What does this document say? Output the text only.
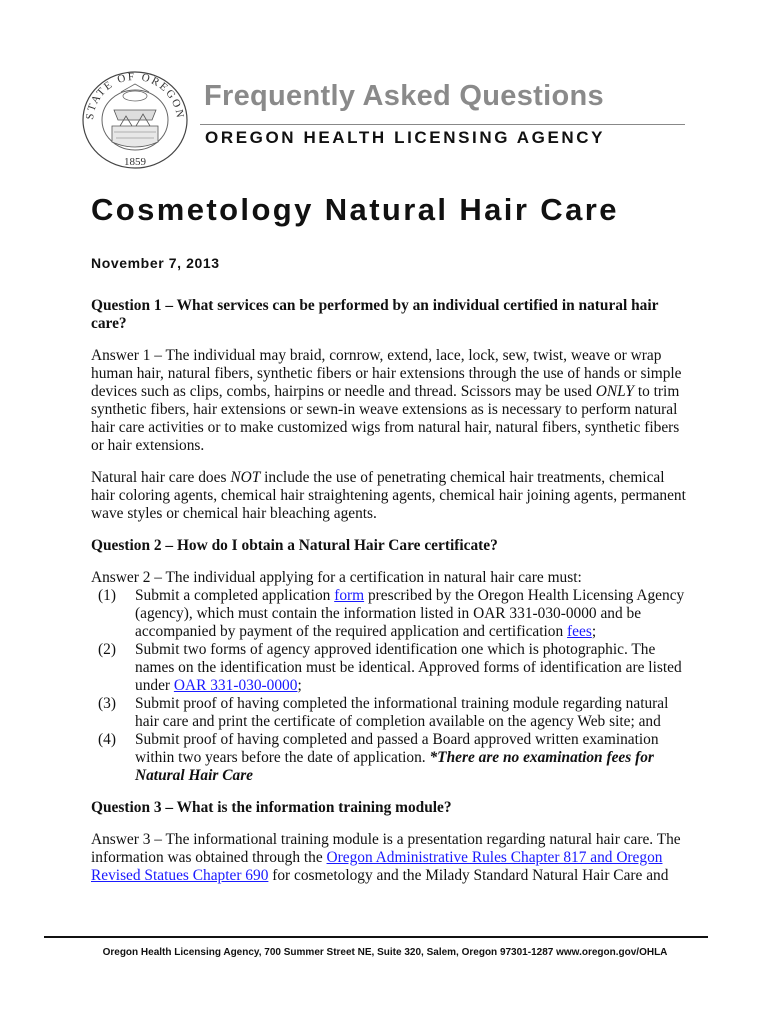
STATE OF OREGON
1859
Frequently Asked Questions
OREGON HEALTH LICENSING AGENCY
Cosmetology Natural Hair Care
November 7, 2013

Question 1 – What services can be performed by an individual certified in natural hair care?

Answer 1 – The individual may braid, cornrow, extend, lace, lock, sew, twist, weave or wrap human hair, natural fibers, synthetic fibers or hair extensions through the use of hands or simple devices such as clips, combs, hairpins or needle and thread. Scissors may be used ONLY to trim synthetic fibers, hair extensions or sewn-in weave extensions as is necessary to perform natural hair care activities or to make customized wigs from natural hair, natural fibers, synthetic fibers or hair extensions.

Natural hair care does NOT include the use of penetrating chemical hair treatments, chemical hair coloring agents, chemical hair straightening agents, chemical hair joining agents, permanent wave styles or chemical hair bleaching agents.

Question 2 – How do I obtain a Natural Hair Care certificate?

Answer 2 – The individual applying for a certification in natural hair care must:

(1) Submit a completed application form prescribed by the Oregon Health Licensing Agency (agency), which must contain the information listed in OAR 331-030-0000 and be accompanied by payment of the required application and certification fees;
(2) Submit two forms of agency approved identification one which is photographic. The names on the identification must be identical. Approved forms of identification are listed under OAR 331-030-0000;
(3) Submit proof of having completed the informational training module regarding natural hair care and print the certificate of completion available on the agency Web site; and
(4) Submit proof of having completed and passed a Board approved written examination within two years before the date of application. *There are no examination fees for Natural Hair Care

Question 3 – What is the information training module?

Answer 3 – The informational training module is a presentation regarding natural hair care. The information was obtained through the Oregon Administrative Rules Chapter 817 and Oregon Revised Statues Chapter 690 for cosmetology and the Milady Standard Natural Hair Care and

Oregon Health Licensing Agency, 700 Summer Street NE, Suite 320, Salem, Oregon 97301-1287 www.oregon.gov/OHLA
